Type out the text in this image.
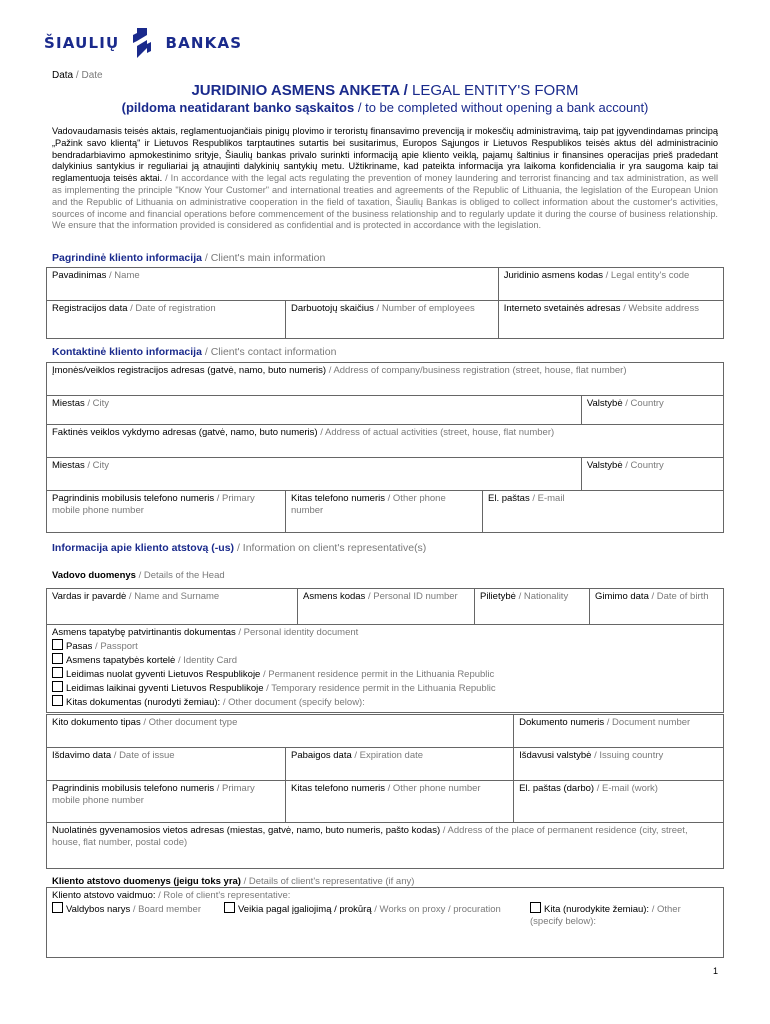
ŠIAULIŲ	BANKAS
Data / Date
JURIDINIO ASMENS ANKETA / LEGAL ENTITY'S FORM
(pildoma neatidarant banko sąskaitos / to be completed without opening a bank account)
Vadovaudamasis teisės aktais, reglamentuojančiais pinigų plovimo ir teroristų finansavimo prevenciją ir mokesčių administravimą, taip pat įgyvendindamas principą „Pažink savo klientą" ir Lietuvos Respublikos tarptautines sutartis bei susitarimus, Europos Sąjungos ir Lietuvos Respublikos teisės aktus dėl administracinio bendradarbiavimo apmokestinimo srityje, Šiaulių bankas privalo surinkti informaciją apie kliento veiklą, pajamų šaltinius ir finansines operacijas prieš pradedant dalykinius santykius ir reguliariai ją atnaujinti dalykinių santykių metu. Užtikriname, kad pateikta informacija yra laikoma konfidencialia ir yra saugoma kaip tai reglamentuoja teisės aktai. / In accordance with the legal acts regulating the prevention of money laundering and terrorist financing and tax administration, as well as implementing the principle "Know Your Customer" and international treaties and agreements of the Republic of Lithuania, the legislation of the European Union and the Republic of Lithuania on administrative cooperation in the field of taxation, Šiaulių Bankas is obliged to collect information about the customer's activities, sources of income and financial operations before commencement of the business relationship and to regularly update it during the course of business relationship. We ensure that the information provided is considered as confidential and is protected in accordance with the legislation.
Pagrindinė kliento informacija / Client's main information
Pavadinimas / Name		Juridinio asmens kodas / Legal entity's code
Registracijos data / Date of registration	Darbuotojų skaičius / Number of employees	Interneto svetainės adresas / Website address
Kontaktinė kliento informacija / Client's contact information
Įmonės/veiklos registracijos adresas (gatvė, namo, buto numeris) / Address of company/business registration (street, house, flat number)	
Miestas / City	Valstybė / Country
Faktinės veiklos vykdymo adresas (gatvė, namo, buto numeris) / Address of actual activities (street, house, flat number)	
Miestas / City	Valstybė / Country
Pagrindinis mobilusis telefono numeris / Primary mobile phone number	Kitas telefono numeris / Other phone number	El. paštas / E-mail
Informacija apie kliento atstovą (-us) / Information on client's representative(s)
Vadovo duomenys / Details of the Head
Vardas ir pavardė / Name and Surname	Asmens kodas / Personal ID number	Pilietybė / Nationality	Gimimo data / Date of birth
Asmens tapatybę patvirtinantis dokumentas / Personal identity document
Pasas / Passport
Asmens tapatybės kortelė / Identity Card
Leidimas nuolat gyventi Lietuvos Respublikoje / Permanent residence permit in the Lithuania Republic
Leidimas laikinai gyventi Lietuvos Respublikoje / Temporary residence permit in the Lithuania Republic
Kitas dokumentas (nurodyti žemiau): / Other document (specify below):
Kito dokumento tipas / Other document type		Dokumento numeris / Document number
Išdavimo data / Date of issue	Pabaigos data / Expiration date	Išdavusi valstybė / Issuing country
Pagrindinis mobilusis telefono numeris / Primary mobile phone number	Kitas telefono numeris / Other phone number	El. paštas (darbo) / E-mail (work)
Nuolatinės gyvenamosios vietos adresas (miestas, gatvė, namo, buto numeris, pašto kodas) / Address of the place of permanent residence (city, street, house, flat number, postal code)		
Kliento atstovo duomenys (jeigu toks yra) / Details of client's representative (if any)
Kliento atstovo vaidmuo: / Role of client's representative:
Valdybos narys / Board member	Veikia pagal įgaliojimą / prokūrą / Works on proxy / procuration	Kita (nurodykite žemiau): / Other (specify below):
1
